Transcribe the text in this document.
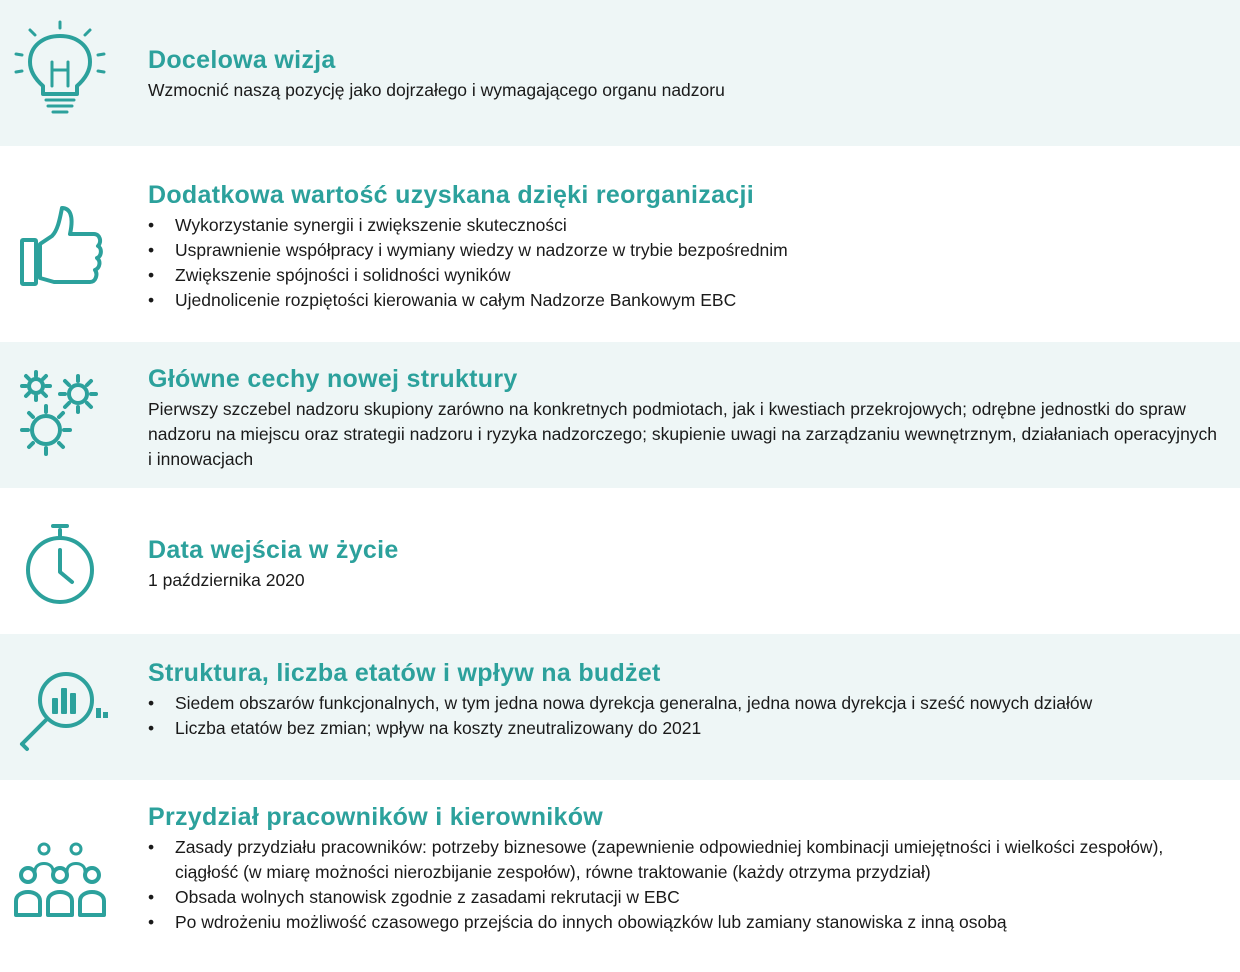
Docelowa wizja

Wzmocnić naszą pozycję jako dojrzałego i wymagającego organu nadzoru

Dodatkowa wartość uzyskana dzięki reorganizacji
• Wykorzystanie synergii i zwiększenie skuteczności
• Usprawnienie współpracy i wymiany wiedzy w nadzorze w trybie bezpośrednim
• Zwiększenie spójności i solidności wyników
• Ujednolicenie rozpiętości kierowania w całym Nadzorze Bankowym EBC
Główne cechy nowej struktury

Pierwszy szczebel nadzoru skupiony zarówno na konkretnych podmiotach, jak i kwestiach przekrojowych; odrębne jednostki do spraw nadzoru na miejscu oraz strategii nadzoru i ryzyka nadzorczego; skupienie uwagi na zarządzaniu wewnętrznym, działaniach operacyjnych i innowacjach

Data wejścia w życie

1 października 2020

Struktura, liczba etatów i wpływ na budżet
• Siedem obszarów funkcjonalnych, w tym jedna nowa dyrekcja generalna, jedna nowa dyrekcja i sześć nowych działów
• Liczba etatów bez zmian; wpływ na koszty zneutralizowany do 2021
Przydział pracowników i kierowników
• Zasady przydziału pracowników: potrzeby biznesowe (zapewnienie odpowiedniej kombinacji umiejętności i wielkości zespołów), ciągłość (w miarę możności nierozbijanie zespołów), równe traktowanie (każdy otrzyma przydział)
• Obsada wolnych stanowisk zgodnie z zasadami rekrutacji w EBC
• Po wdrożeniu możliwość czasowego przejścia do innych obowiązków lub zamiany stanowiska z inną osobą
